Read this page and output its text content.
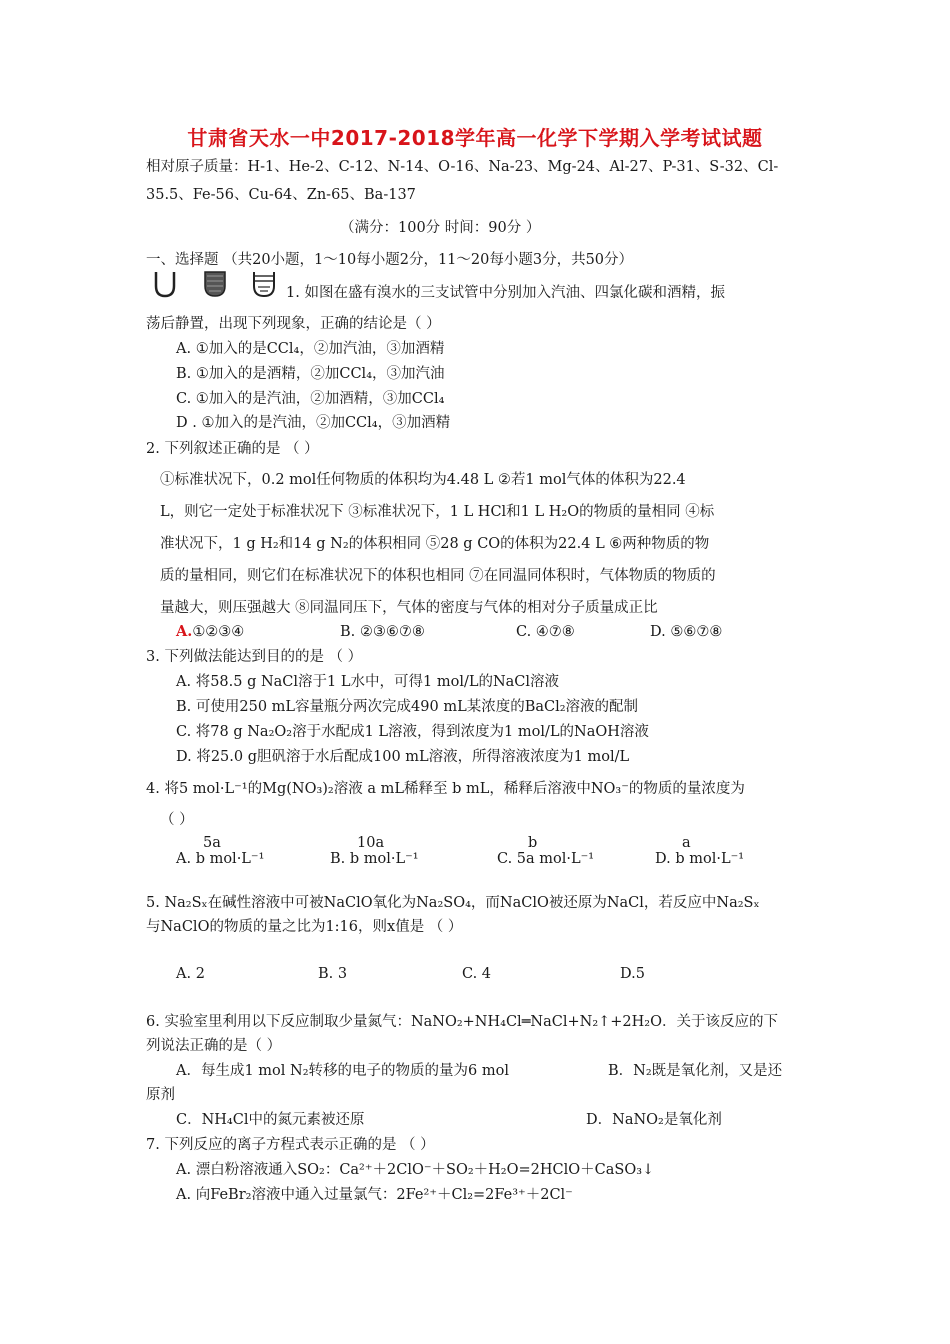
甘肃省天水一中2017-2018学年高一化学下学期入学考试试题
相对原子质量：H-1、He-2、C-12、N-14、O-16、Na-23、Mg-24、Al-27、P-31、S-32、Cl-
35.5、Fe-56、Cu-64、Zn-65、Ba-137
（满分：100分 时间：90分 ）
一、选择题 （共20小题，1～10每小题2分，11～20每小题3分，共50分）
1. 如图在盛有溴水的三支试管中分别加入汽油、四氯化碳和酒精，振
荡后静置，出现下列现象，正确的结论是（ ）
A. ①加入的是CCl₄，②加汽油，③加酒精
B. ①加入的是酒精，②加CCl₄，③加汽油
C. ①加入的是汽油，②加酒精，③加CCl₄
D . ①加入的是汽油，②加CCl₄，③加酒精
2. 下列叙述正确的是 （ ）
①标准状况下，0.2 mol任何物质的体积均为4.48 L ②若1 mol气体的体积为22.4
L，则它一定处于标准状况下 ③标准状况下，1 L HCl和1 L H₂O的物质的量相同 ④标
准状况下，1 g H₂和14 g N₂的体积相同 ⑤28 g CO的体积为22.4 L ⑥两种物质的物
质的量相同，则它们在标准状况下的体积也相同 ⑦在同温同体积时，气体物质的物质的
量越大，则压强越大 ⑧同温同压下，气体的密度与气体的相对分子质量成正比
A.①②③④	B. ②③⑥⑦⑧	C. ④⑦⑧	D. ⑤⑥⑦⑧
3. 下列做法能达到目的的是 （ ）
A. 将58.5 g NaCl溶于1 L水中，可得1 mol/L的NaCl溶液
B. 可使用250 mL容量瓶分两次完成490 mL某浓度的BaCl₂溶液的配制
C. 将78 g Na₂O₂溶于水配成1 L溶液，得到浓度为1 mol/L的NaOH溶液
D. 将25.0 g胆矾溶于水后配成100 mL溶液，所得溶液浓度为1 mol/L
4. 将5 mol·L⁻¹的Mg(NO₃)₂溶液 a mL稀释至 b mL，稀释后溶液中NO₃⁻的物质的量浓度为
（ ）
5a	10a	b	a
A. b mol·L⁻¹	B. b mol·L⁻¹	C. 5a mol·L⁻¹	D. b mol·L⁻¹
5. Na₂Sₓ在碱性溶液中可被NaClO氧化为Na₂SO₄，而NaClO被还原为NaCl，若反应中Na₂Sₓ
与NaClO的物质的量之比为1:16，则x值是 （ ）
A. 2	B. 3	C. 4	D.5
6. 实验室里利用以下反应制取少量氮气：NaNO₂+NH₄Cl═NaCl+N₂↑+2H₂O．关于该反应的下
列说法正确的是（ ）
A．每生成1 mol N₂转移的电子的物质的量为6 mol	B．N₂既是氧化剂，又是还
原剂
C．NH₄Cl中的氮元素被还原	D．NaNO₂是氧化剂
7. 下列反应的离子方程式表示正确的是 （ ）
A. 漂白粉溶液通入SO₂：Ca²⁺＋2ClO⁻＋SO₂＋H₂O=2HClO＋CaSO₃↓
A. 向FeBr₂溶液中通入过量氯气：2Fe²⁺＋Cl₂=2Fe³⁺＋2Cl⁻
